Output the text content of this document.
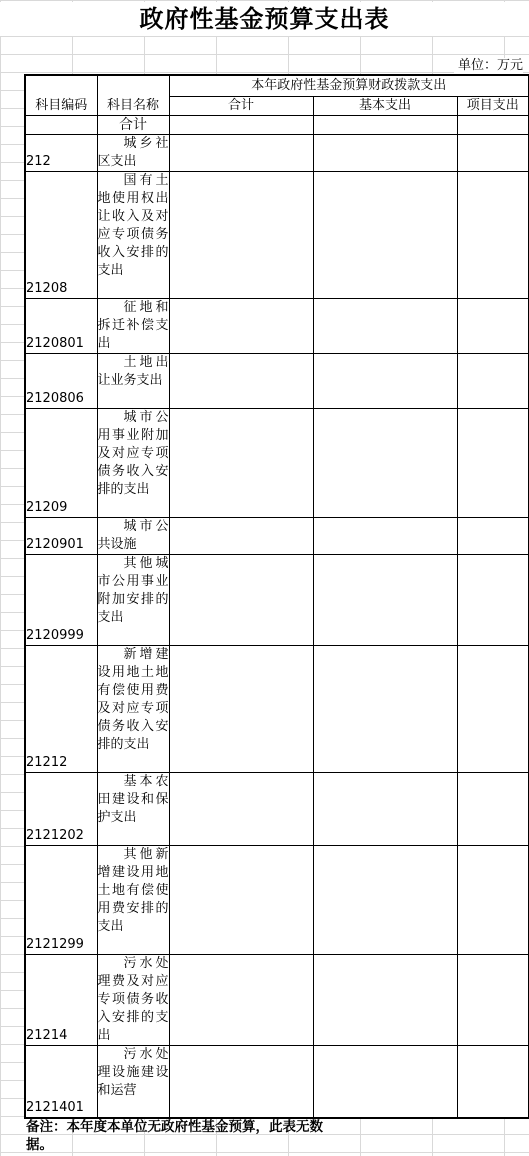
政府性基金预算支出表
单位：万元
科目编码	科目名称	本年政府性基金预算财政拨款支出		
		合计	基本支出	项目支出
	合计			
212	城乡社区支出			

21208	国有土地使用权出让收入及对应专项债务收入安排的支出			

2120801	征地和拆迁补偿支出			

2120806	土地出让业务支出			

21209	城市公用事业附加及对应专项债务收入安排的支出			

2120901	城市公共设施			

2120999	其他城市公用事业附加安排的支出			

21212	新增建设用地土地有偿使用费及对应专项债务收入安排的支出			

2121202	基本农田建设和保护支出			

2121299	其他新增建设用地土地有偿使用费安排的支出			

21214	污水处理费及对应专项债务收入安排的支出			

2121401	污水处理设施建设和运营			

备注：本年度本单位无政府性基金预算，此表无数据。
